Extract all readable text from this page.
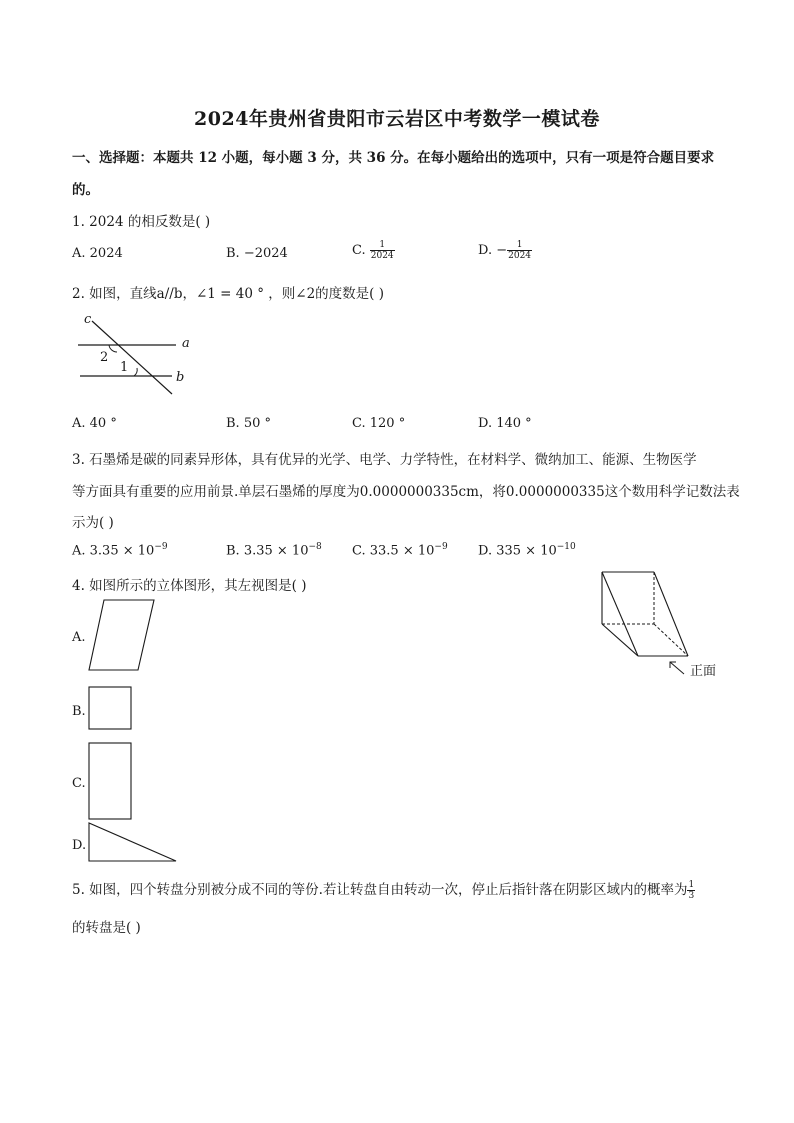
2024年贵州省贵阳市云岩区中考数学一模试卷
一、选择题：本题共 12 小题，每小题 3 分，共 36 分。在每小题给出的选项中，只有一项是符合题目要求
的。
1. 2024 的相反数是( )
A. 2024	B. −2024	C. $\frac{1}{2024}$	D. − $\frac{1}{2024}$
2. 如图，直线a//b，∠1 = 40 ° ，则∠2的度数是( )
c
a
b
2
1
A. 40 °	B. 50 °	C. 120 °	D. 140 °
3. 石墨烯是碳的同素异形体，具有优异的光学、电学、力学特性，在材料学、微纳加工、能源、生物医学
等方面具有重要的应用前景.单层石墨烯的厚度为0.0000000335cm，将0.0000000335这个数用科学记数法表
示为( )
A. $3.35 \times 10^{-9}$	B. $3.35 \times 10^{-8}$ C. $33.5 \times 10^{-9}$ D. $335 \times 10^{-10}$
4. 如图所示的立体图形，其左视图是( )
正面
A.
B.
C.
D.
5. 如图，四个转盘分别被分成不同的等份.若让转盘自由转动一次，停止后指针落在阴影区域内的概率为 $\frac{1}{3}$
的转盘是( )
